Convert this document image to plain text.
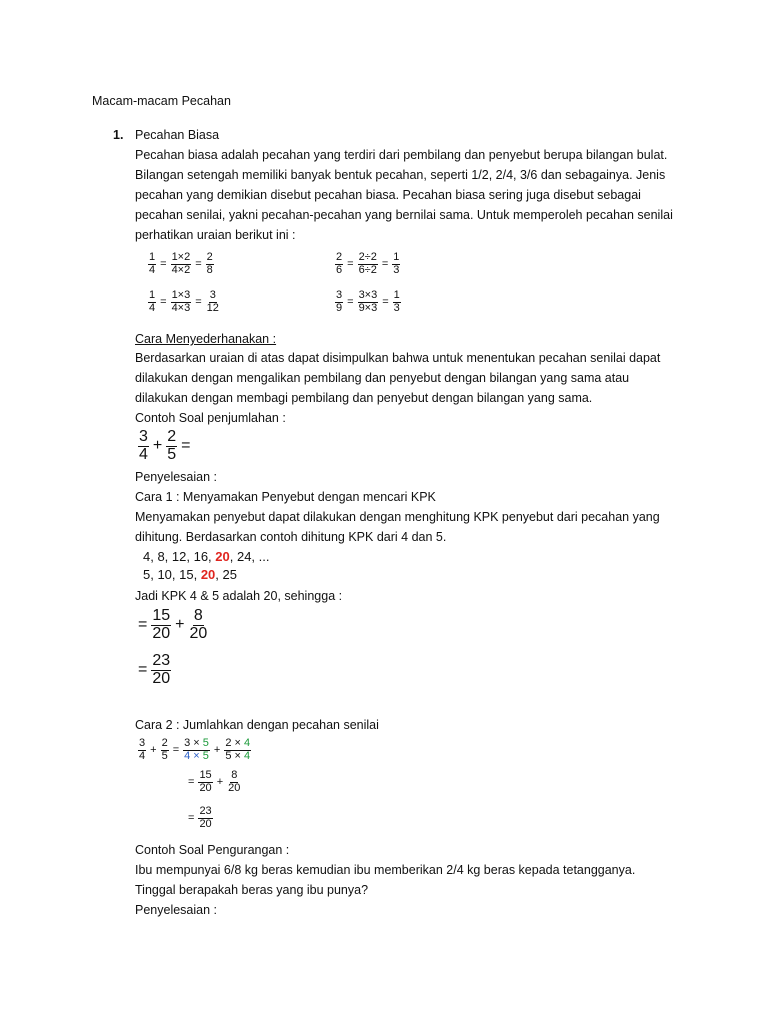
Macam-macam Pecahan
1. Pecahan Biasa
Pecahan biasa adalah pecahan yang terdiri dari pembilang dan penyebut berupa bilangan bulat.
Bilangan setengah memiliki banyak bentuk pecahan, seperti 1/2, 2/4, 3/6 dan sebagainya. Jenis
pecahan yang demikian disebut pecahan biasa. Pecahan biasa sering juga disebut sebagai
pecahan senilai, yakni pecahan-pecahan yang bernilai sama. Untuk memperoleh pecahan senilai
perhatikan uraian berikut ini :
$\frac{1}{4} = \frac{1\times 2}{4\times 2} = \frac{2}{8}$	$\frac{2}{6} = \frac{2\div 2}{6\div 2} = \frac{1}{3}$
$\frac{1}{4} = \frac{1\times 3}{4\times 3} = \frac{3}{12}$	$\frac{3}{9} = \frac{3\times 3}{9\times 3} = \frac{1}{3}$
Cara Menyederhanakan :
Berdasarkan uraian di atas dapat disimpulkan bahwa untuk menentukan pecahan senilai dapat
dilakukan dengan mengalikan pembilang dan penyebut dengan bilangan yang sama atau
dilakukan dengan membagi pembilang dan penyebut dengan bilangan yang sama.
Contoh Soal penjumlahan :
$\frac{3}{4} + \frac{2}{5}$ =
Penyelesaian :
Cara 1 : Menyamakan Penyebut dengan mencari KPK
Menyamakan penyebut dapat dilakukan dengan menghitung KPK penyebut dari pecahan yang
dihitung. Berdasarkan contoh dihitung KPK dari 4 dan 5.
4, 8, 12, 16, 20, 24, ...
5, 10, 15, 20, 25
Jadi KPK 4 & 5 adalah 20, sehingga :
= $\frac{15}{20} + \frac{8}{20}$
= $\frac{23}{20}$
Cara 2 : Jumlahkan dengan pecahan senilai
$\frac{3}{4} + \frac{2}{5} = \frac{3 \times 5}{4 \times 5} + \frac{2 \times 4}{5 \times 4}$
= $\frac{15}{20} + \frac{8}{20}$
= $\frac{23}{20}$
Contoh Soal Pengurangan :
Ibu mempunyai 6/8 kg beras kemudian ibu memberikan 2/4 kg beras kepada tetangganya.
Tinggal berapakah beras yang ibu punya?
Penyelesaian :
